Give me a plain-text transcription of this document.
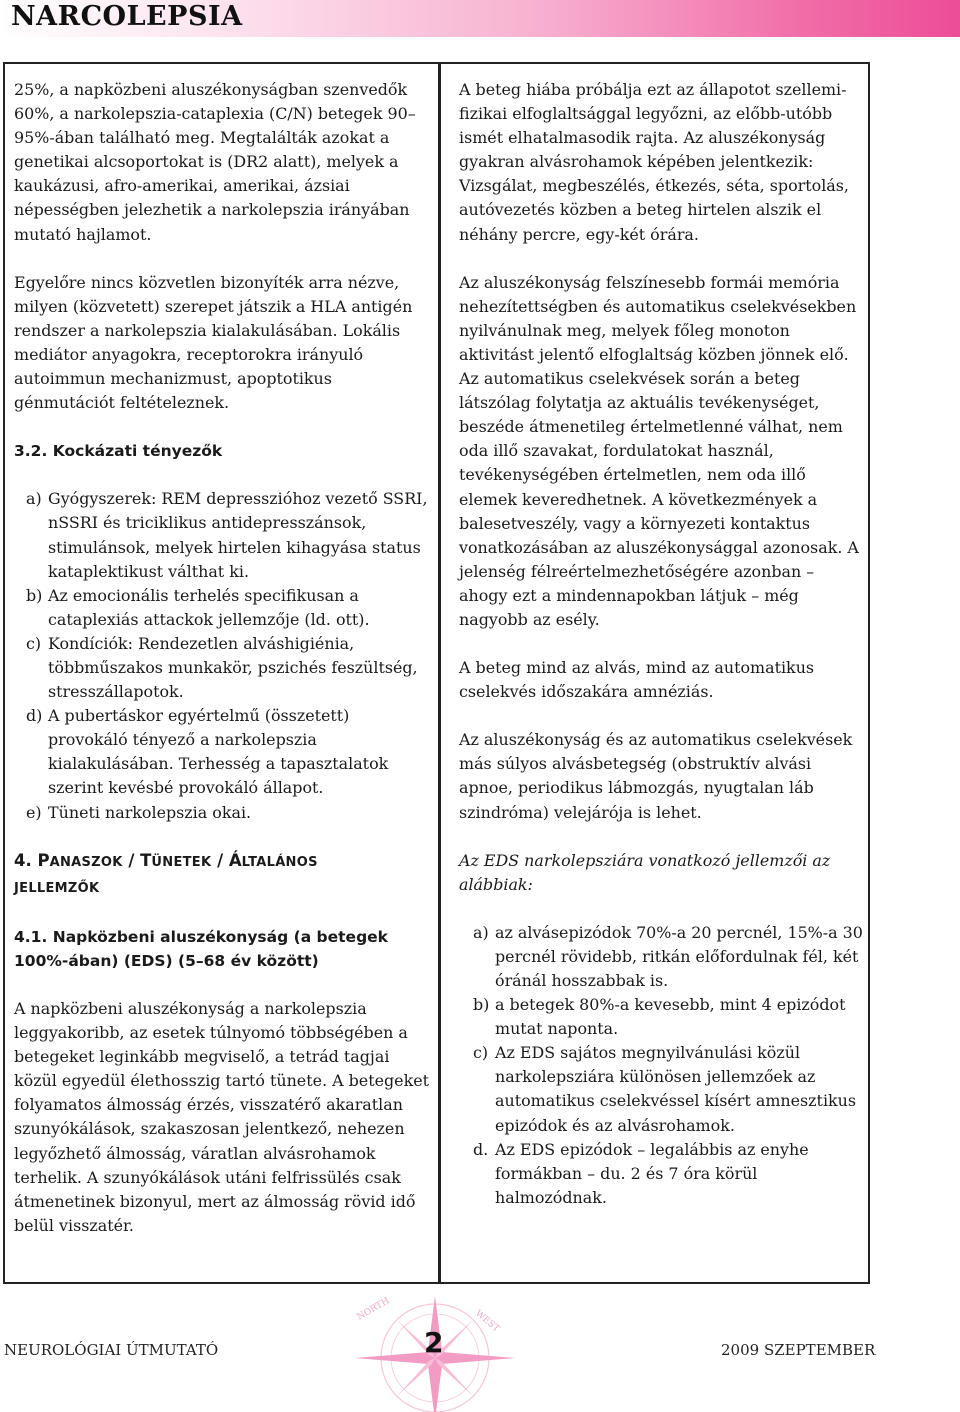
NARCOLEPSIA

25%, a napközbeni aluszékonyságban szenvedők 60%, a narkolepszia-cataplexia (C/N) betegek 90–95%-ában található meg. Megtalálták azokat a genetikai alcsoportokat is (DR2 alatt), melyek a kaukázusi, afro-amerikai, amerikai, ázsiai népességben jelezhetik a narkolepszia irányában mutató hajlamot.

Egyelőre nincs közvetlen bizonyíték arra nézve, milyen (közvetett) szerepet játszik a HLA antigén rendszer a narkolepszia kialakulásában. Lokális mediátor anyagokra, receptorokra irányuló autoimmun mechanizmust, apoptotikus génmutációt feltételeznek.

3.2. Kockázati tényezők
a) Gyógyszerek: REM depresszióhoz vezető SSRI, nSSRI és triciklikus antidepresszánsok, stimulánsok, melyek hirtelen kihagyása status kataplektikust válthat ki.
b) Az emocionális terhelés specifikusan a cataplexiás attackok jellemzője (ld. ott).
c) Kondíciók: Rendezetlen alváshigiénia, többműszakos munkakör, pszichés feszültség, stresszállapotok.
d) A pubertáskor egyértelmű (összetett) provokáló tényező a narkolepszia kialakulásában. Terhesség a tapasztalatok szerint kevésbé provokáló állapot.
e) Tüneti narkolepszia okai.
4. PANASZOK / TÜNETEK / ÁLTALÁNOS
JELLEMZŐK
4.1. Napközbeni aluszékonyság (a betegek 100%-ában) (EDS) (5–68 év között)

A napközbeni aluszékonyság a narkolepszia leggyakoribb, az esetek túlnyomó többségében a betegeket leginkább megviselő, a tetrád tagjai közül egyedül élethosszig tartó tünete. A betegeket folyamatos álmosság érzés, visszatérő akaratlan szunyókálások, szakaszosan jelentkező, nehezen legyőzhető álmosság, váratlan alvásrohamok terhelik. A szunyókálások utáni felfrissülés csak átmenetinek bizonyul, mert az álmosság rövid idő belül visszatér.

A beteg hiába próbálja ezt az állapotot szellemi-fizikai elfoglaltsággal legyőzni, az előbb-utóbb ismét elhatalmasodik rajta. Az aluszékonyság gyakran alvásrohamok képében jelentkezik: Vizsgálat, megbeszélés, étkezés, séta, sportolás, autóvezetés közben a beteg hirtelen alszik el néhány percre, egy-két órára.

Az aluszékonyság felszínesebb formái memória nehezítettségben és automatikus cselekvésekben nyilvánulnak meg, melyek főleg monoton aktivitást jelentő elfoglaltság közben jönnek elő. Az automatikus cselekvések során a beteg látszólag folytatja az aktuális tevékenységet, beszéde átmenetileg értelmetlenné válhat, nem oda illő szavakat, fordulatokat használ, tevékenységében értelmetlen, nem oda illő elemek keveredhetnek. A következmények a balesetveszély, vagy a környezeti kontaktus vonatkozásában az aluszékonysággal azonosak. A jelenség félreértelmezhetőségére azonban – ahogy ezt a mindennapokban látjuk – még nagyobb az esély.

A beteg mind az alvás, mind az automatikus cselekvés időszakára amnéziás.

Az aluszékonyság és az automatikus cselekvések más súlyos alvásbetegség (obstruktív alvási apnoe, periodikus lábmozgás, nyugtalan láb szindróma) velejárója is lehet.

Az EDS narkolepsziára vonatkozó jellemzői az alábbiak:

a) az alvásepizódok 70%-a 20 percnél, 15%-a 30 percnél rövidebb, ritkán előfordulnak fél, két óránál hosszabbak is.
b) a betegek 80%-a kevesebb, mint 4 epizódot mutat naponta.
c) Az EDS sajátos megnyilvánulási közül narkolepsziára különösen jellemzőek az automatikus cselekvéssel kísért amnesztikus epizódok és az alvásrohamok.
d. Az EDS epizódok – legalábbis az enyhe formákban – du. 2 és 7 óra körül halmozódnak.
NORTH	WEST
NEUROLÓGIAI ÚTMUTATÓ	2	2009 SZEPTEMBER
